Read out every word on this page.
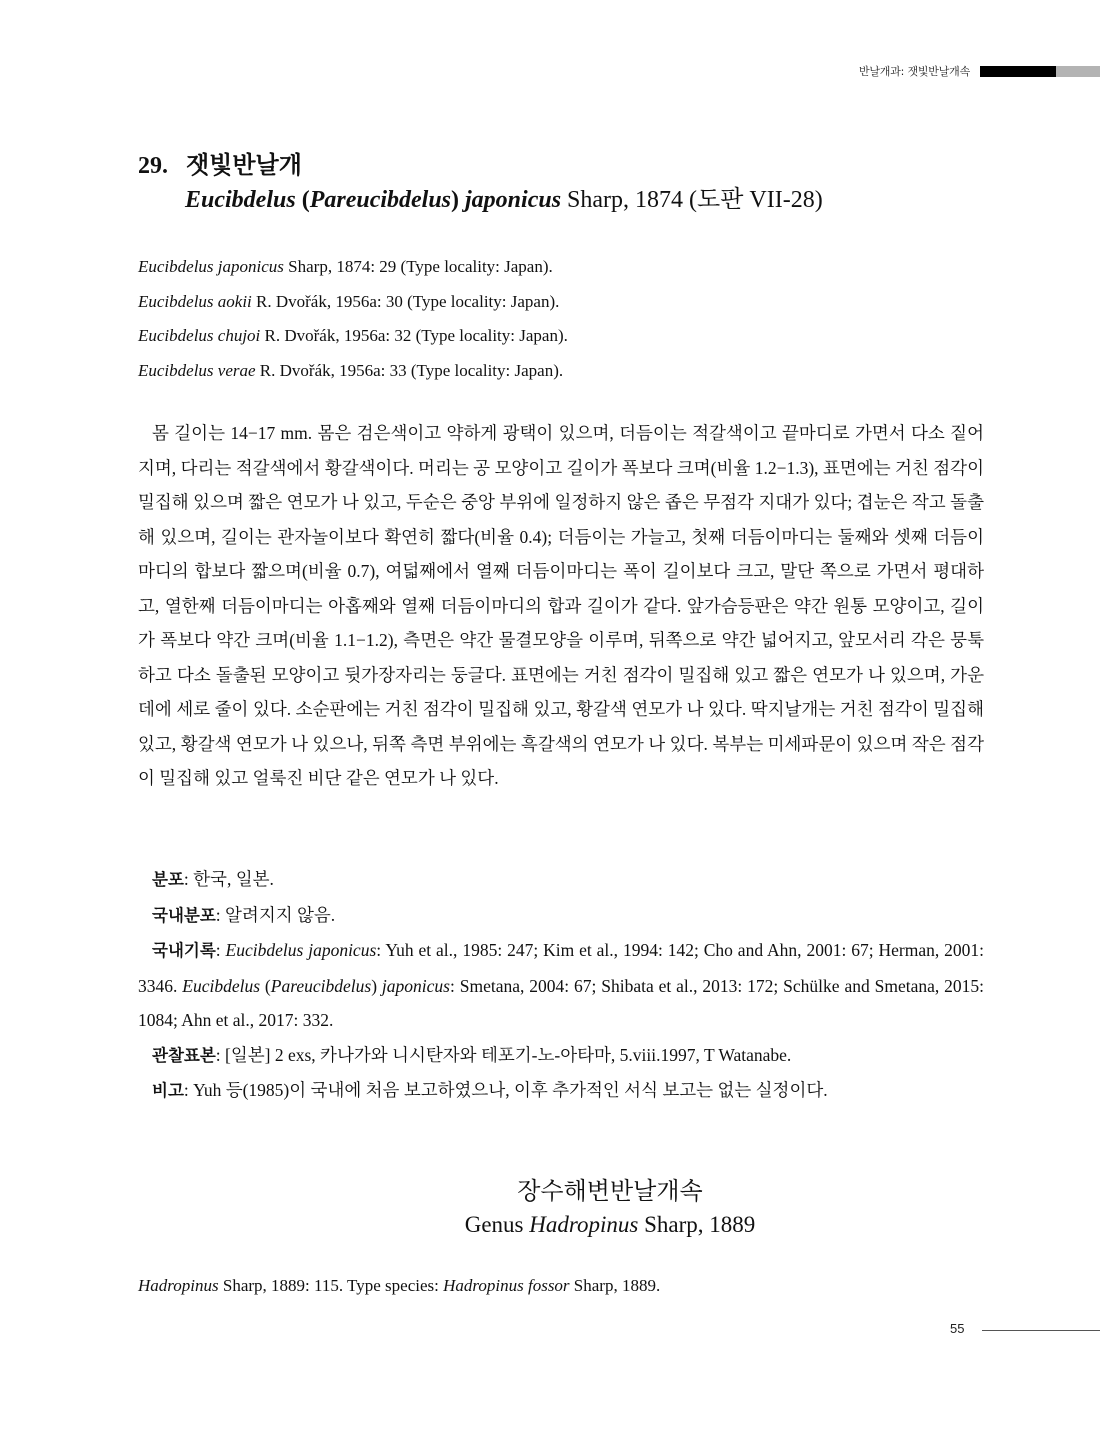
반날개과: 잿빛반날개속
29. 잿빛반날개
Eucibdelus (Pareucibdelus) japonicus Sharp, 1874 (도판 VII-28)
Eucibdelus japonicus Sharp, 1874: 29 (Type locality: Japan).
Eucibdelus aokii R. Dvořák, 1956a: 30 (Type locality: Japan).
Eucibdelus chujoi R. Dvořák, 1956a: 32 (Type locality: Japan).
Eucibdelus verae R. Dvořák, 1956a: 33 (Type locality: Japan).

몸 길이는 14−17 mm. 몸은 검은색이고 약하게 광택이 있으며, 더듬이는 적갈색이고 끝마디로 가면서 다소 짙어지며, 다리는 적갈색에서 황갈색이다. 머리는 공 모양이고 길이가 폭보다 크며(비율 1.2−1.3), 표면에는 거친 점각이 밀집해 있으며 짧은 연모가 나 있고, 두순은 중앙 부위에 일정하지 않은 좁은 무점각 지대가 있다; 겹눈은 작고 돌출해 있으며, 길이는 관자놀이보다 확연히 짧다(비율 0.4); 더듬이는 가늘고, 첫째 더듬이마디는 둘째와 셋째 더듬이마디의 합보다 짧으며(비율 0.7), 여덟째에서 열째 더듬이마디는 폭이 길이보다 크고, 말단 쪽으로 가면서 평대하고, 열한째 더듬이마디는 아홉째와 열째 더듬이마디의 합과 길이가 같다. 앞가슴등판은 약간 원통 모양이고, 길이가 폭보다 약간 크며(비율 1.1−1.2), 측면은 약간 물결모양을 이루며, 뒤쪽으로 약간 넓어지고, 앞모서리 각은 뭉툭하고 다소 돌출된 모양이고 뒷가장자리는 둥글다. 표면에는 거친 점각이 밀집해 있고 짧은 연모가 나 있으며, 가운데에 세로 줄이 있다. 소순판에는 거친 점각이 밀집해 있고, 황갈색 연모가 나 있다. 딱지날개는 거친 점각이 밀집해 있고, 황갈색 연모가 나 있으나, 뒤쪽 측면 부위에는 흑갈색의 연모가 나 있다. 복부는 미세파문이 있으며 작은 점각이 밀집해 있고 얼룩진 비단 같은 연모가 나 있다.

분포: 한국, 일본.
국내분포: 알려지지 않음.
국내기록: Eucibdelus japonicus: Yuh et al., 1985: 247; Kim et al., 1994: 142; Cho and Ahn, 2001: 67; Herman, 2001: 3346. Eucibdelus (Pareucibdelus) japonicus: Smetana, 2004: 67; Shibata et al., 2013: 172; Schülke and Smetana, 2015: 1084; Ahn et al., 2017: 332.
관찰표본: [일본] 2 exs, 카나가와 니시탄자와 테포기-노-아타마, 5.viii.1997, T Watanabe.
비고: Yuh 등(1985)이 국내에 처음 보고하였으나, 이후 추가적인 서식 보고는 없는 실정이다.
장수해변반날개속
Genus Hadropinus Sharp, 1889
Hadropinus Sharp, 1889: 115. Type species: Hadropinus fossor Sharp, 1889.
55
